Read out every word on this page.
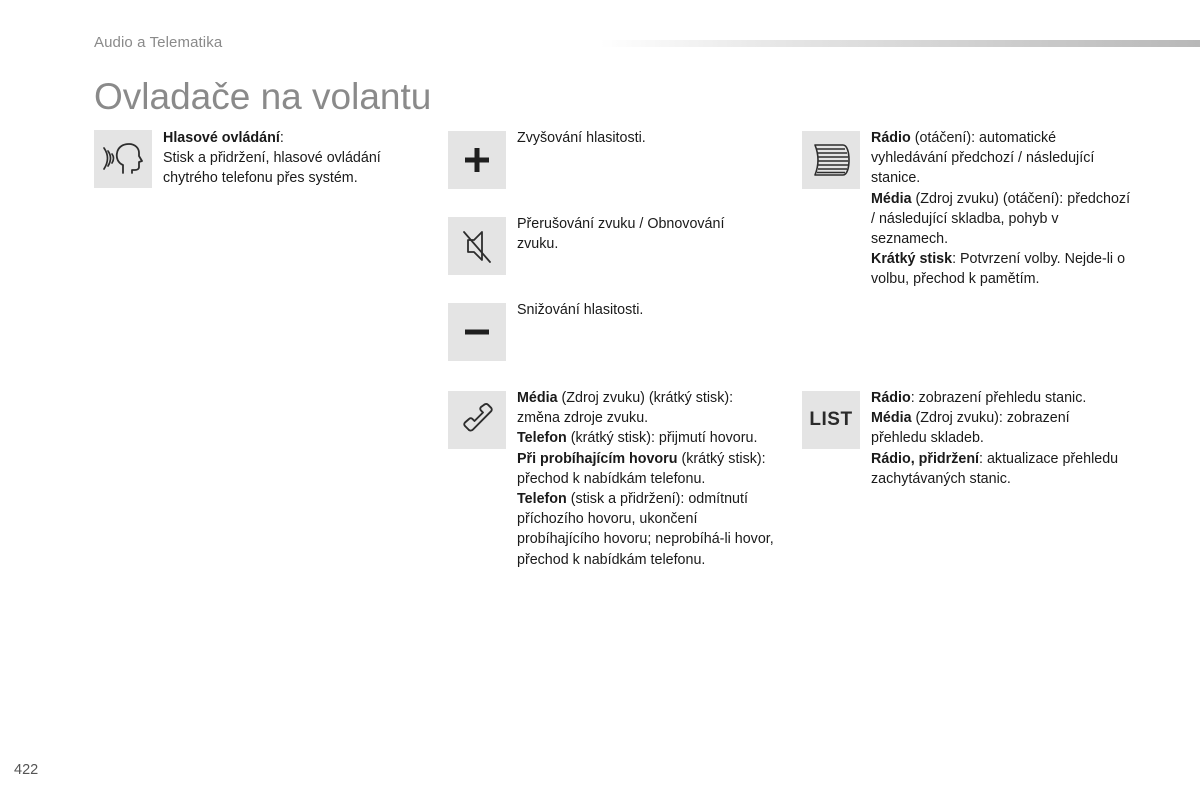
Audio a Telematika
Ovladače na volantu
Hlasové ovládání:
Stisk a přidržení, hlasové ovládání chytrého telefonu přes systém.
Zvyšování hlasitosti.
Přerušování zvuku / Obnovování zvuku.
Snižování hlasitosti.
Média (Zdroj zvuku) (krátký stisk): změna zdroje zvuku.
Telefon (krátký stisk): přijmutí hovoru.
Při probíhajícím hovoru (krátký stisk): přechod k nabídkám telefonu.
Telefon (stisk a přidržení): odmítnutí příchozího hovoru, ukončení probíhajícího hovoru; neprobíhá-li hovor, přechod k nabídkám telefonu.
Rádio (otáčení): automatické vyhledávání předchozí / následující stanice.
Média (Zdroj zvuku) (otáčení): předchozí / následující skladba, pohyb v seznamech.
Krátký stisk: Potvrzení volby. Nejde-li o volbu, přechod k pamětím.
LIST
Rádio: zobrazení přehledu stanic.
Média (Zdroj zvuku): zobrazení přehledu skladeb.
Rádio, přidržení: aktualizace přehledu zachytávaných stanic.
422
